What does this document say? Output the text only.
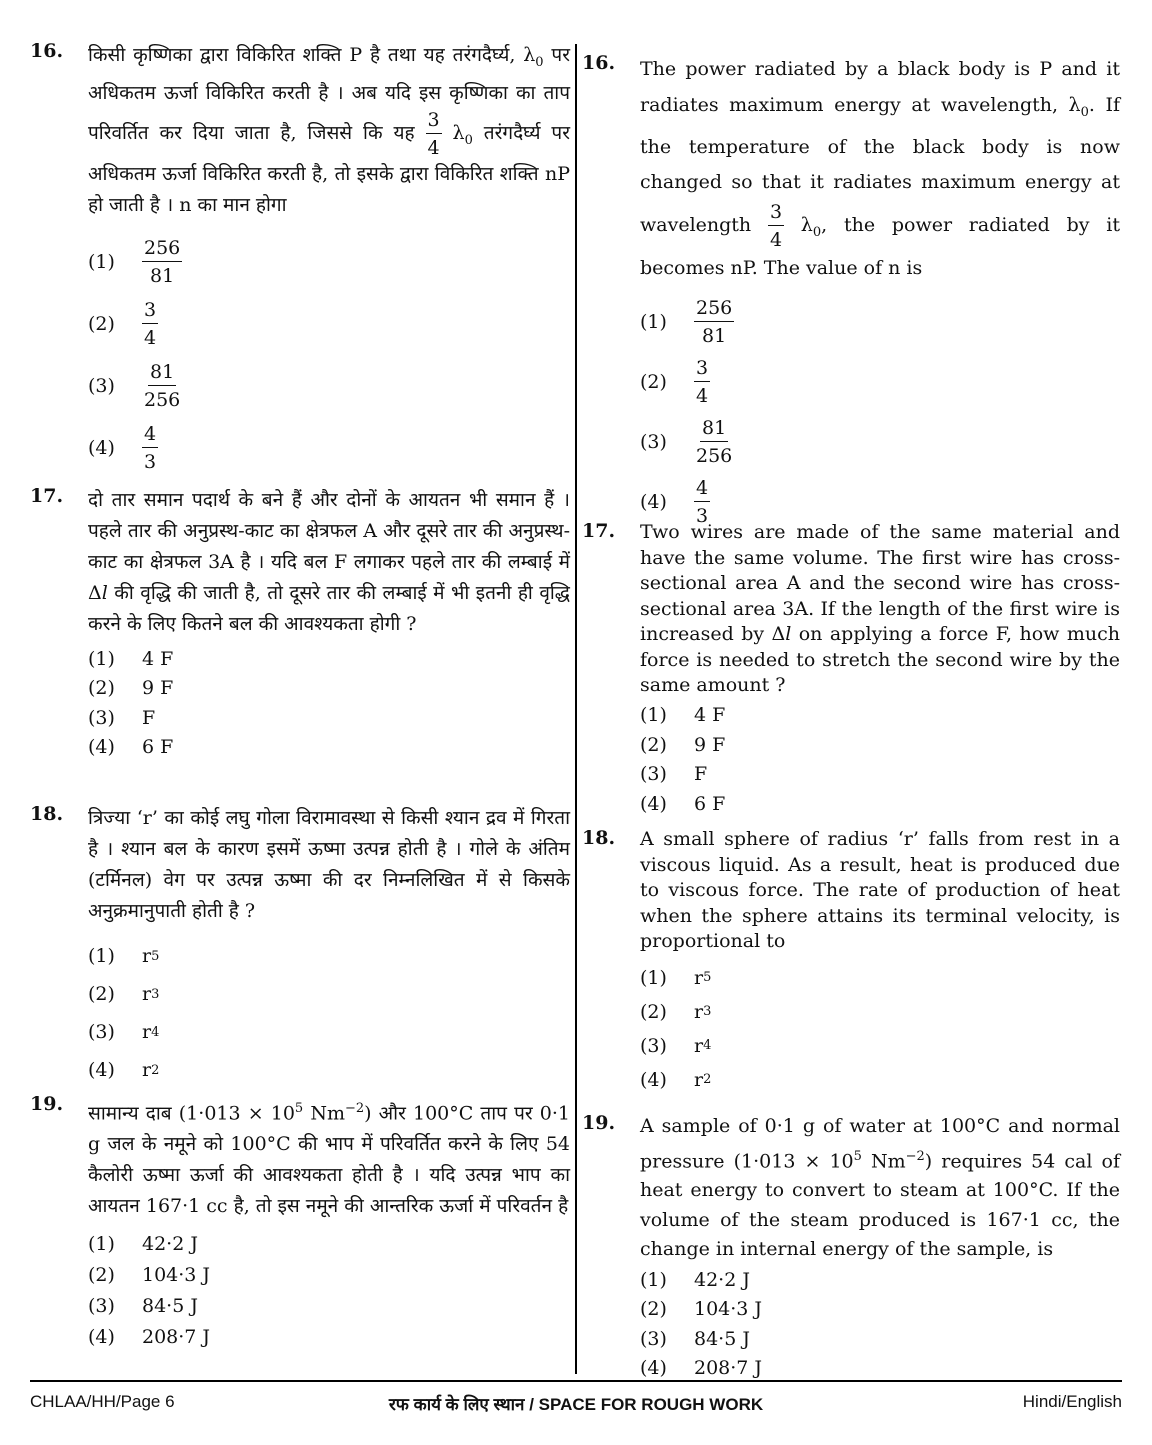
16. किसी कृष्णिका द्वारा विकिरित शक्ति P है तथा यह तरंगदैर्घ्य, $\lambda_0$ पर अधिकतम ऊर्जा विकिरित करती है । अब यदि इस कृष्णिका का ताप परिवर्तित कर दिया जाता है, जिससे कि यह $\frac{3}{4} \lambda_0$ तरंगदैर्घ्य पर अधिकतम ऊर्जा विकिरित करती है, तो इसके द्वारा विकिरित शक्ति nP हो जाती है । n का मान होगा
(1)	$\frac{256}{81}$
(2)	$\frac{3}{4}$
(3)	$\frac{81}{256}$
(4)	$\frac{4}{3}$
17. दो तार समान पदार्थ के बने हैं और दोनों के आयतन भी समान हैं । पहले तार की अनुप्रस्थ-काट का क्षेत्रफल A और दूसरे तार की अनुप्रस्थ-काट का क्षेत्रफल 3A है । यदि बल F लगाकर पहले तार की लम्बाई में Δl की वृद्धि की जाती है, तो दूसरे तार की लम्बाई में भी इतनी ही वृद्धि करने के लिए कितने बल की आवश्यकता होगी ?
(1)	4 F
(2)	9 F
(3)	F
(4)	6 F
18. त्रिज्या ‘r’ का कोई लघु गोला विरामावस्था से किसी श्यान द्रव में गिरता है । श्यान बल के कारण इसमें ऊष्मा उत्पन्न होती है । गोले के अंतिम (टर्मिनल) वेग पर उत्पन्न ऊष्मा की दर निम्नलिखित में से किसके अनुक्रमानुपाती होती है ?
(1)	r 5
(2)	r 3
(3)	r 4
(4)	r 2
19. सामान्य दाब ($1\cdot 013 \times 10^5$ $Nm^{-2}$) और 100°C ताप पर 0·1 g जल के नमूने को 100°C की भाप में परिवर्तित करने के लिए 54 कैलोरी ऊष्मा ऊर्जा की आवश्यकता होती है । यदि उत्पन्न भाप का आयतन 167·1 cc है, तो इस नमूने की आन्तरिक ऊर्जा में परिवर्तन है
(1)	42·2 J
(2)	104·3 J
(3)	84·5 J
(4)	208·7 J
16. The power radiated by a black body is P and it radiates maximum energy at wavelength, $\lambda_0$. If the temperature of the black body is now changed so that it radiates maximum energy at wavelength $\frac{3}{4} \lambda_0$, the power radiated by it becomes nP. The value of n is
(1)	$\frac{256}{81}$
(2)	$\frac{3}{4}$
(3)	$\frac{81}{256}$
(4)	$\frac{4}{3}$
17. Two wires are made of the same material and have the same volume. The first wire has cross-sectional area A and the second wire has cross-sectional area 3A. If the length of the first wire is increased by Δl on applying a force F, how much force is needed to stretch the second wire by the same amount ?
(1)	4 F
(2)	9 F
(3)	F
(4)	6 F
18. A small sphere of radius ‘r’ falls from rest in a viscous liquid. As a result, heat is produced due to viscous force. The rate of production of heat when the sphere attains its terminal velocity, is proportional to
(1)	r 5
(2)	r 3
(3)	r 4
(4)	r 2
19. A sample of 0·1 g of water at 100°C and normal pressure ($1\cdot 013 \times 10^5$ $Nm^{-2}$) requires 54 cal of heat energy to convert to steam at 100°C. If the volume of the steam produced is 167·1 cc, the change in internal energy of the sample, is
(1)	42·2 J
(2)	104·3 J
(3)	84·5 J
(4)	208·7 J
CHLAA/HH/Page 6	रफ कार्य के लिए स्थान / SPACE FOR ROUGH WORK	Hindi/English
